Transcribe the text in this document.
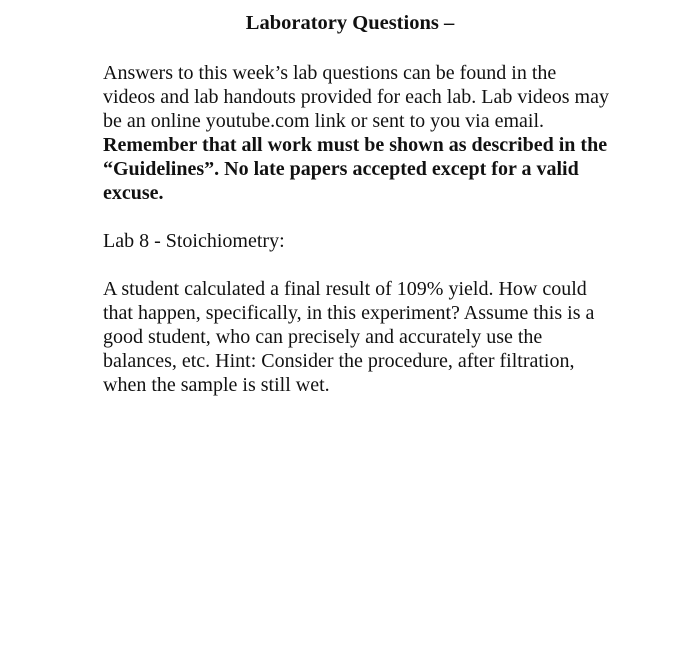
Laboratory Questions –

Answers to this week’s lab questions can be found in the videos and lab handouts provided for each lab. Lab videos may be an online youtube.com link or sent to you via email.  Remember that all work must be shown as described in the “Guidelines”. No late papers accepted except for a valid excuse.

Lab 8 - Stoichiometry:

A student calculated a final result of 109% yield. How could that happen, specifically, in this experiment? Assume this is a good student, who can precisely and accurately use the balances, etc. Hint: Consider the procedure, after filtration, when the sample is still wet.
